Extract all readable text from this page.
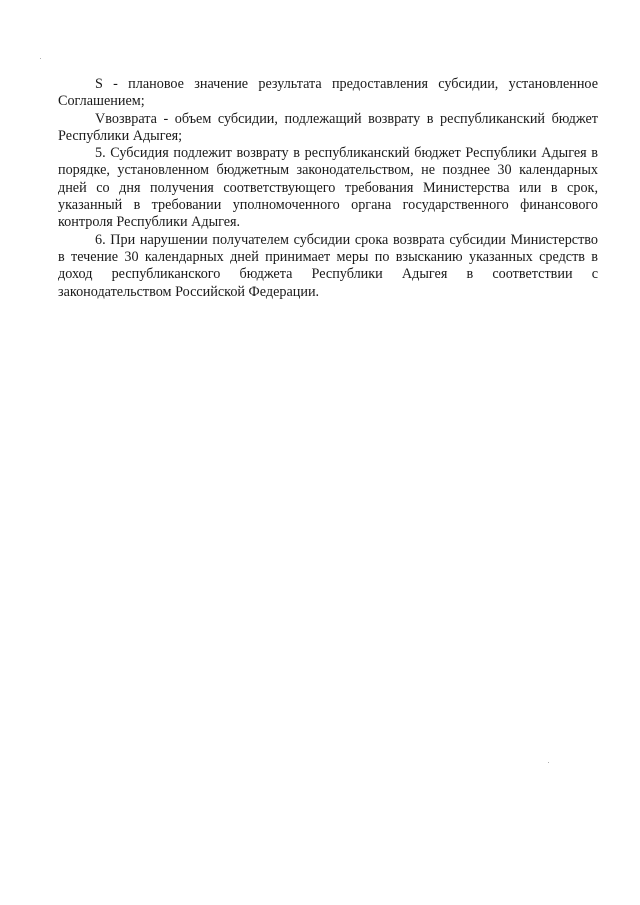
S - плановое значение результата предоставления субсидии, установленное Соглашением;

Vвозврата - объем субсидии, подлежащий возврату в республиканский бюджет Республики Адыгея;

5. Субсидия подлежит возврату в республиканский бюджет Республики Адыгея в порядке, установленном бюджетным законодательством, не позднее 30 календарных дней со дня получения соответствующего требования Министерства или в срок, указанный в требовании уполномоченного органа государственного финансового контроля Республики Адыгея.

6. При нарушении получателем субсидии срока возврата субсидии Министерство в течение 30 календарных дней принимает меры по взысканию указанных средств в доход республиканского бюджета Республики Адыгея в соответствии с законодательством Российской Федерации.
